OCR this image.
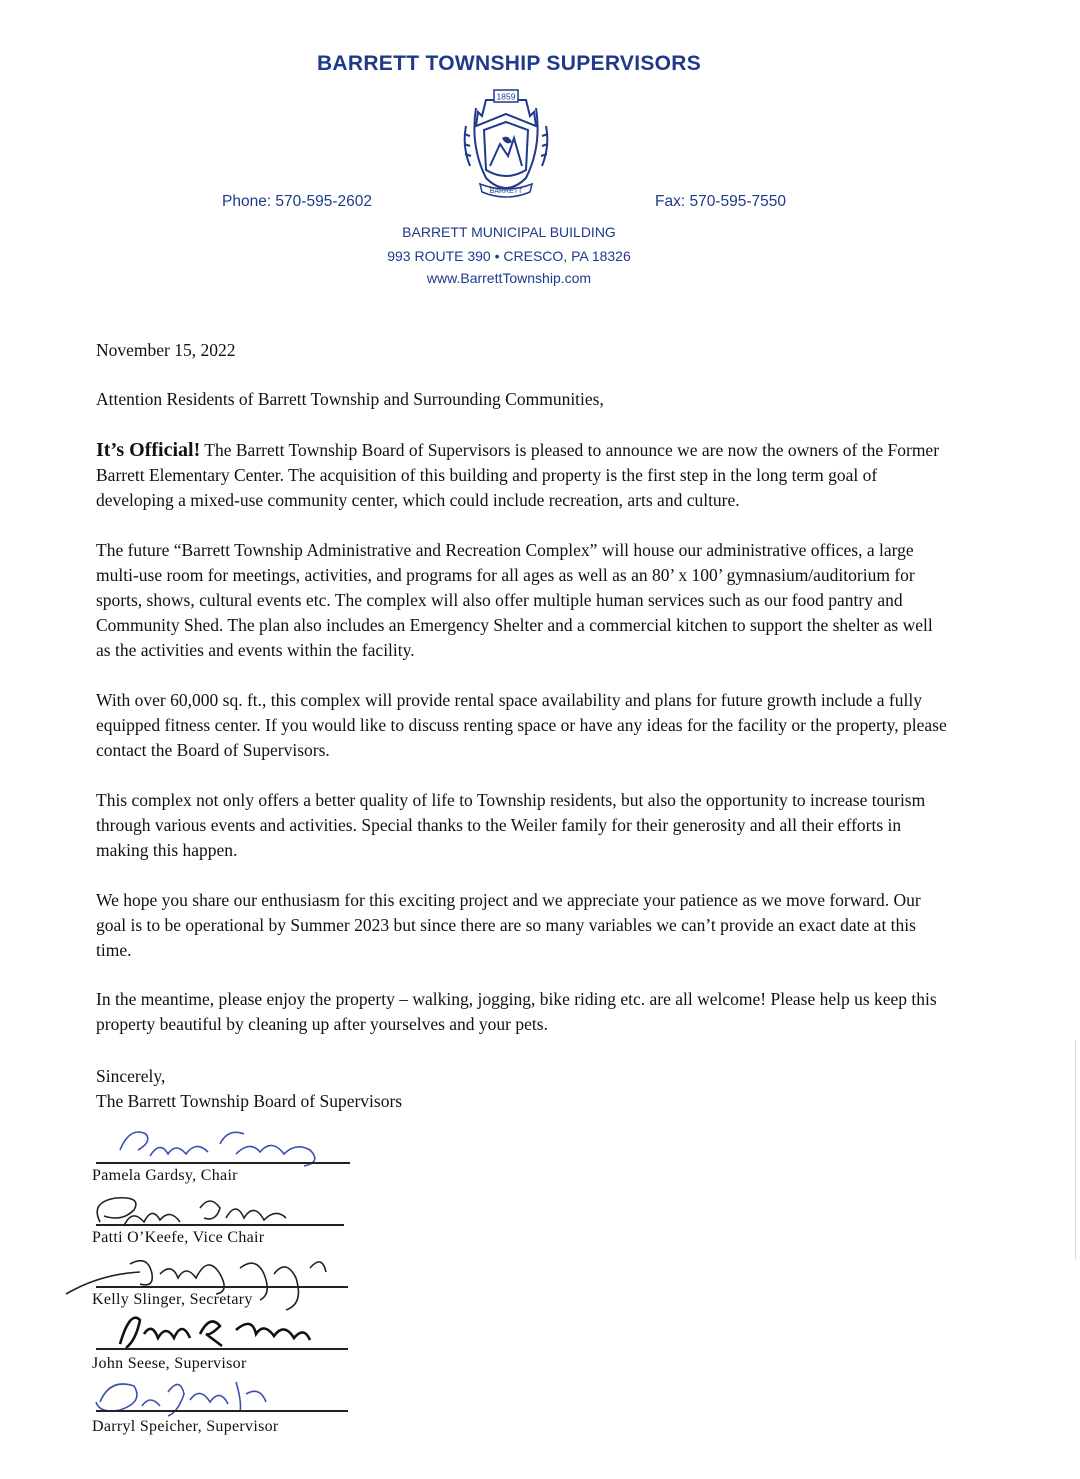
BARRETT TOWNSHIP SUPERVISORS
1859
BARRETT
Phone: 570-595-2602	Fax: 570-595-7550
BARRETT MUNICIPAL BUILDING
993 ROUTE 390 • CRESCO, PA 18326
www.BarrettTownship.com
November 15, 2022
Attention Residents of Barrett Township and Surrounding Communities,

It’s Official! The Barrett Township Board of Supervisors is pleased to announce we are now the owners of the Former Barrett Elementary Center. The acquisition of this building and property is the first step in the long term goal of developing a mixed-use community center, which could include recreation, arts and culture.

The future “Barrett Township Administrative and Recreation Complex” will house our administrative offices, a large multi-use room for meetings, activities, and programs for all ages as well as an 80’ x 100’ gymnasium/auditorium for sports, shows, cultural events etc. The complex will also offer multiple human services such as our food pantry and Community Shed. The plan also includes an Emergency Shelter and a commercial kitchen to support the shelter as well as the activities and events within the facility.

With over 60,000 sq. ft., this complex will provide rental space availability and plans for future growth include a fully equipped fitness center. If you would like to discuss renting space or have any ideas for the facility or the property, please contact the Board of Supervisors.

This complex not only offers a better quality of life to Township residents, but also the opportunity to increase tourism through various events and activities. Special thanks to the Weiler family for their generosity and all their efforts in making this happen.

We hope you share our enthusiasm for this exciting project and we appreciate your patience as we move forward. Our goal is to be operational by Summer 2023 but since there are so many variables we can’t provide an exact date at this time.

In the meantime, please enjoy the property – walking, jogging, bike riding etc. are all welcome! Please help us keep this property beautiful by cleaning up after yourselves and your pets.

Sincerely,
The Barrett Township Board of Supervisors
Pamela Gardsy, Chair
Patti O’Keefe, Vice Chair
Kelly Slinger, Secretary
John Seese, Supervisor
Darryl Speicher, Supervisor
